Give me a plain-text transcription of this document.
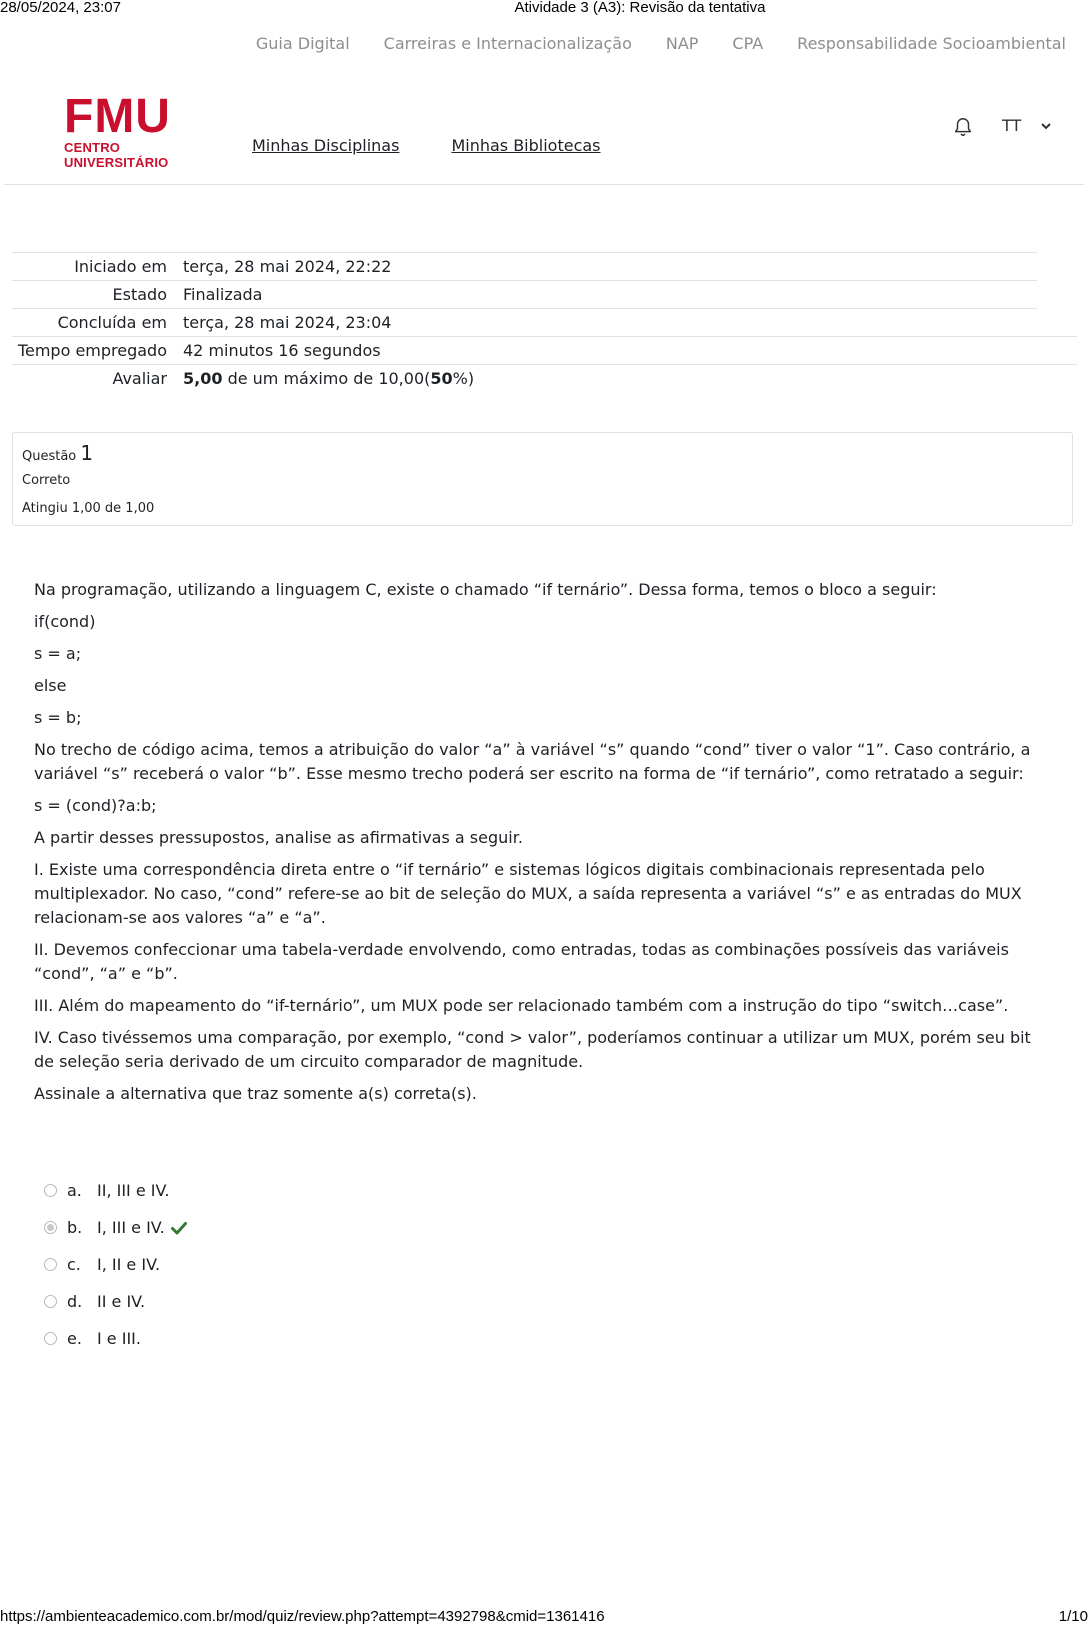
28/05/2024, 23:07	Atividade 3 (A3): Revisão da tentativa
Guia Digital Carreiras e Internacionalização NAP CPA Responsabilidade Socioambiental
FMU
CENTRO UNIVERSITÁRIO
Minhas Disciplinas	Minhas Bibliotecas
TT
Iniciado em	terça, 28 mai 2024, 22:22
Estado	Finalizada
Concluída em	terça, 28 mai 2024, 23:04
Tempo empregado	42 minutos 16 segundos
Avaliar	5,00 de um máximo de 10,00(50%)
Questão 1
Correto
Atingiu 1,00 de 1,00

Na programação, utilizando a linguagem C, existe o chamado “if ternário”. Dessa forma, temos o bloco a seguir:

if(cond)

s = a;

else

s = b;

No trecho de código acima, temos a atribuição do valor “a” à variável “s” quando “cond” tiver o valor “1”. Caso contrário, a variável “s” receberá o valor “b”. Esse mesmo trecho poderá ser escrito na forma de “if ternário”, como retratado a seguir:

s = (cond)?a:b;

A partir desses pressupostos, analise as afirmativas a seguir.

I. Existe uma correspondência direta entre o “if ternário” e sistemas lógicos digitais combinacionais representada pelo multiplexador. No caso, “cond” refere-se ao bit de seleção do MUX, a saída representa a variável “s” e as entradas do MUX relacionam-se aos valores “a” e “a”.

II. Devemos confeccionar uma tabela-verdade envolvendo, como entradas, todas as combinações possíveis das variáveis “cond”, “a” e “b”.

III. Além do mapeamento do “if-ternário”, um MUX pode ser relacionado também com a instrução do tipo “switch…case”.

IV. Caso tivéssemos uma comparação, por exemplo, “cond > valor”, poderíamos continuar a utilizar um MUX, porém seu bit de seleção seria derivado de um circuito comparador de magnitude.

Assinale a alternativa que traz somente a(s) correta(s).

a. II, III e IV.
b. I, III e IV.
c.	I, II e IV.
d. II e IV.
e. I e III.
https://ambienteacademico.com.br/mod/quiz/review.php?attempt=4392798&cmid=1361416	1/10
